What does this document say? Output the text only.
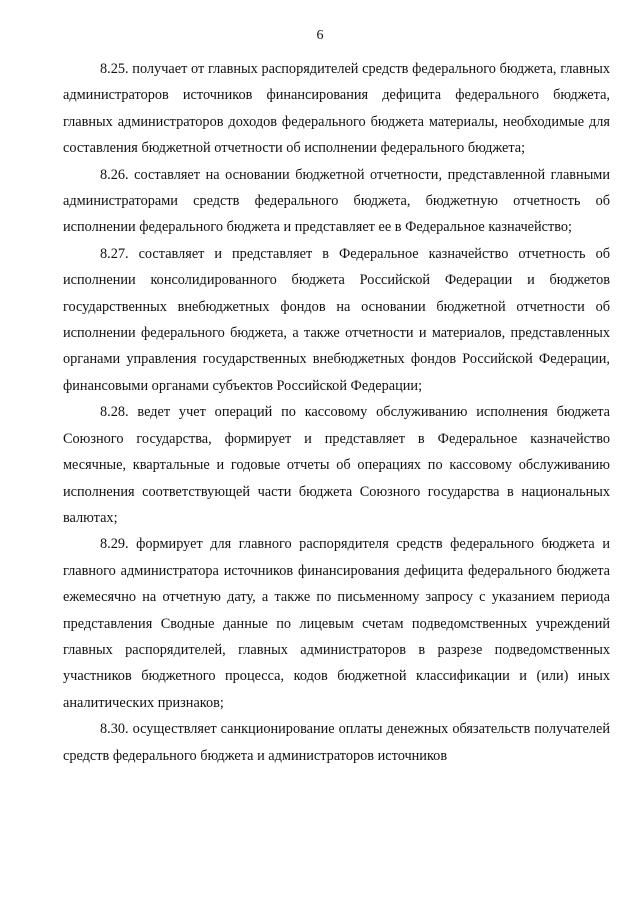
6

8.25. получает от главных распорядителей средств федерального бюджета, главных администраторов источников финансирования дефицита федерального бюджета, главных администраторов доходов федерального бюджета материалы, необходимые для составления бюджетной отчетности об исполнении федерального бюджета;

8.26. составляет на основании бюджетной отчетности, представленной главными администраторами средств федерального бюджета, бюджетную отчетность об исполнении федерального бюджета и представляет ее в Федеральное казначейство;

8.27. составляет и представляет в Федеральное казначейство отчетность об исполнении консолидированного бюджета Российской Федерации и бюджетов государственных внебюджетных фондов на основании бюджетной отчетности об исполнении федерального бюджета, а также отчетности и материалов, представленных органами управления государственных внебюджетных фондов Российской Федерации, финансовыми органами субъектов Российской Федерации;

8.28. ведет учет операций по кассовому обслуживанию исполнения бюджета Союзного государства, формирует и представляет в Федеральное казначейство месячные, квартальные и годовые отчеты об операциях по кассовому обслуживанию исполнения соответствующей части бюджета Союзного государства в национальных валютах;

8.29. формирует для главного распорядителя средств федерального бюджета и главного администратора источников финансирования дефицита федерального бюджета ежемесячно на отчетную дату, а также по письменному запросу с указанием периода представления Сводные данные по лицевым счетам подведомственных учреждений главных распорядителей, главных администраторов в разрезе подведомственных участников бюджетного процесса, кодов бюджетной классификации и (или) иных аналитических признаков;

8.30. осуществляет санкционирование оплаты денежных обязательств получателей средств федерального бюджета и администраторов источников
